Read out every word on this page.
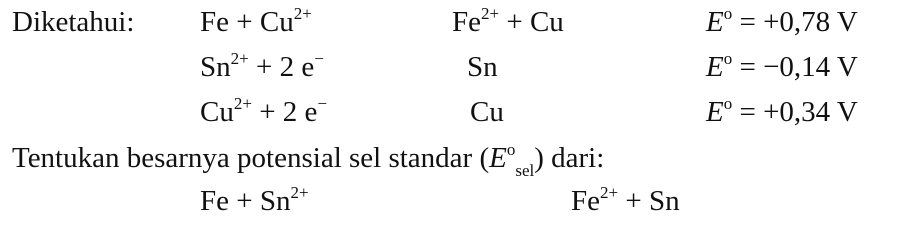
Diketahui: $Fe + Cu^{2+}$	$Fe^{2+} + Cu$	$E^o = +0,78$ V
$Sn^{2+} + 2$ e−	Sn	$E^o = -0,14$ V
$Cu^{2+} + 2$ e−	Cu	$E^o = +0,34$ V
Tentukan besarnya potensial sel standar $(E^o_{sel})$ dari:
$Fe + Sn^{2+}$	$Fe^{2+} + Sn$
